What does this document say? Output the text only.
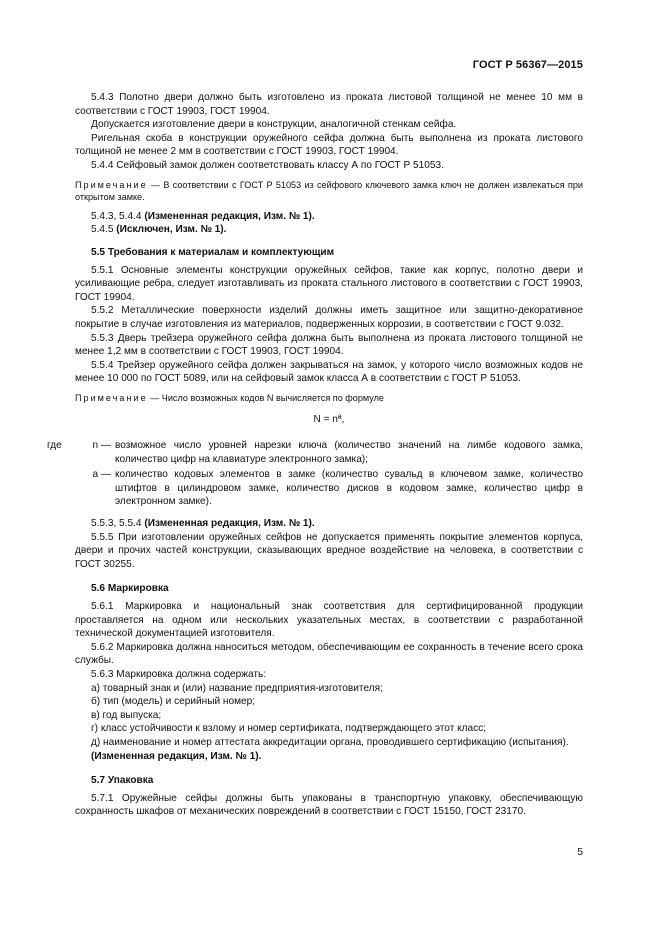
ГОСТ Р 56367—2015

5.4.3 Полотно двери должно быть изготовлено из проката листовой толщиной не менее 10 мм в соответствии с ГОСТ 19903, ГОСТ 19904.

Допускается изготовление двери в конструкции, аналогичной стенкам сейфа.

Ригельная скоба в конструкции оружейного сейфа должна быть выполнена из проката листового толщиной не менее 2 мм в соответствии с ГОСТ 19903, ГОСТ 19904.

5.4.4 Сейфовый замок должен соответствовать классу А по ГОСТ Р 51053.

Примечание — В соответствии с ГОСТ Р 51053 из сейфового ключевого замка ключ не должен извлекаться при открытом замке.

5.4.3, 5.4.4 (Измененная редакция, Изм. № 1).

5.4.5 (Исключен, Изм. № 1).

5.5 Требования к материалам и комплектующим

5.5.1 Основные элементы конструкции оружейных сейфов, такие как корпус, полотно двери и усиливающие ребра, следует изготавливать из проката стального листового в соответствии с ГОСТ 19903, ГОСТ 19904.

5.5.2 Металлические поверхности изделий должны иметь защитное или защитно-декоративное покрытие в случае изготовления из материалов, подверженных коррозии, в соответствии с ГОСТ 9.032.

5.5.3 Дверь трейзера оружейного сейфа должна быть выполнена из проката листового толщиной не менее 1,2 мм в соответствии с ГОСТ 19903, ГОСТ 19904.

5.5.4 Трейзер оружейного сейфа должен закрываться на замок, у которого число возможных кодов не менее 10 000 по ГОСТ 5089, или на сейфовый замок класса А в соответствии с ГОСТ Р 51053.

Примечание — Число возможных кодов N вычисляется по формуле

N = nª,

где	n — возможное число уровней нарезки ключа (количество значений на лимбе кодового замка, количество цифр на клавиатуре электронного замка);
a — количество кодовых элементов в замке (количество сувальд в ключевом замке, количество штифтов в цилиндровом замке, количество дисков в кодовом замке, количество цифр в электронном замке).

5.5.3, 5.5.4 (Измененная редакция, Изм. № 1).

5.5.5 При изготовлении оружейных сейфов не допускается применять покрытие элементов корпуса, двери и прочих частей конструкции, сказывающих вредное воздействие на человека, в соответствии с ГОСТ 30255.

5.6 Маркировка

5.6.1 Маркировка и национальный знак соответствия для сертифицированной продукции проставляется на одном или нескольких указательных местах, в соответствии с разработанной технической документацией изготовителя.

5.6.2 Маркировка должна наноситься методом, обеспечивающим ее сохранность в течение всего срока службы.

5.6.3 Маркировка должна содержать:

а) товарный знак и (или) название предприятия-изготовителя;

б) тип (модель) и серийный номер;

в) год выпуска;

г) класс устойчивости к взлому и номер сертификата, подтверждающего этот класс;

д) наименование и номер аттестата аккредитации органа, проводившего сертификацию (испытания).

(Измененная редакция, Изм. № 1).

5.7 Упаковка

5.7.1 Оружейные сейфы должны быть упакованы в транспортную упаковку, обеспечивающую сохранность шкафов от механических повреждений в соответствии с ГОСТ 15150, ГОСТ 23170.

5
